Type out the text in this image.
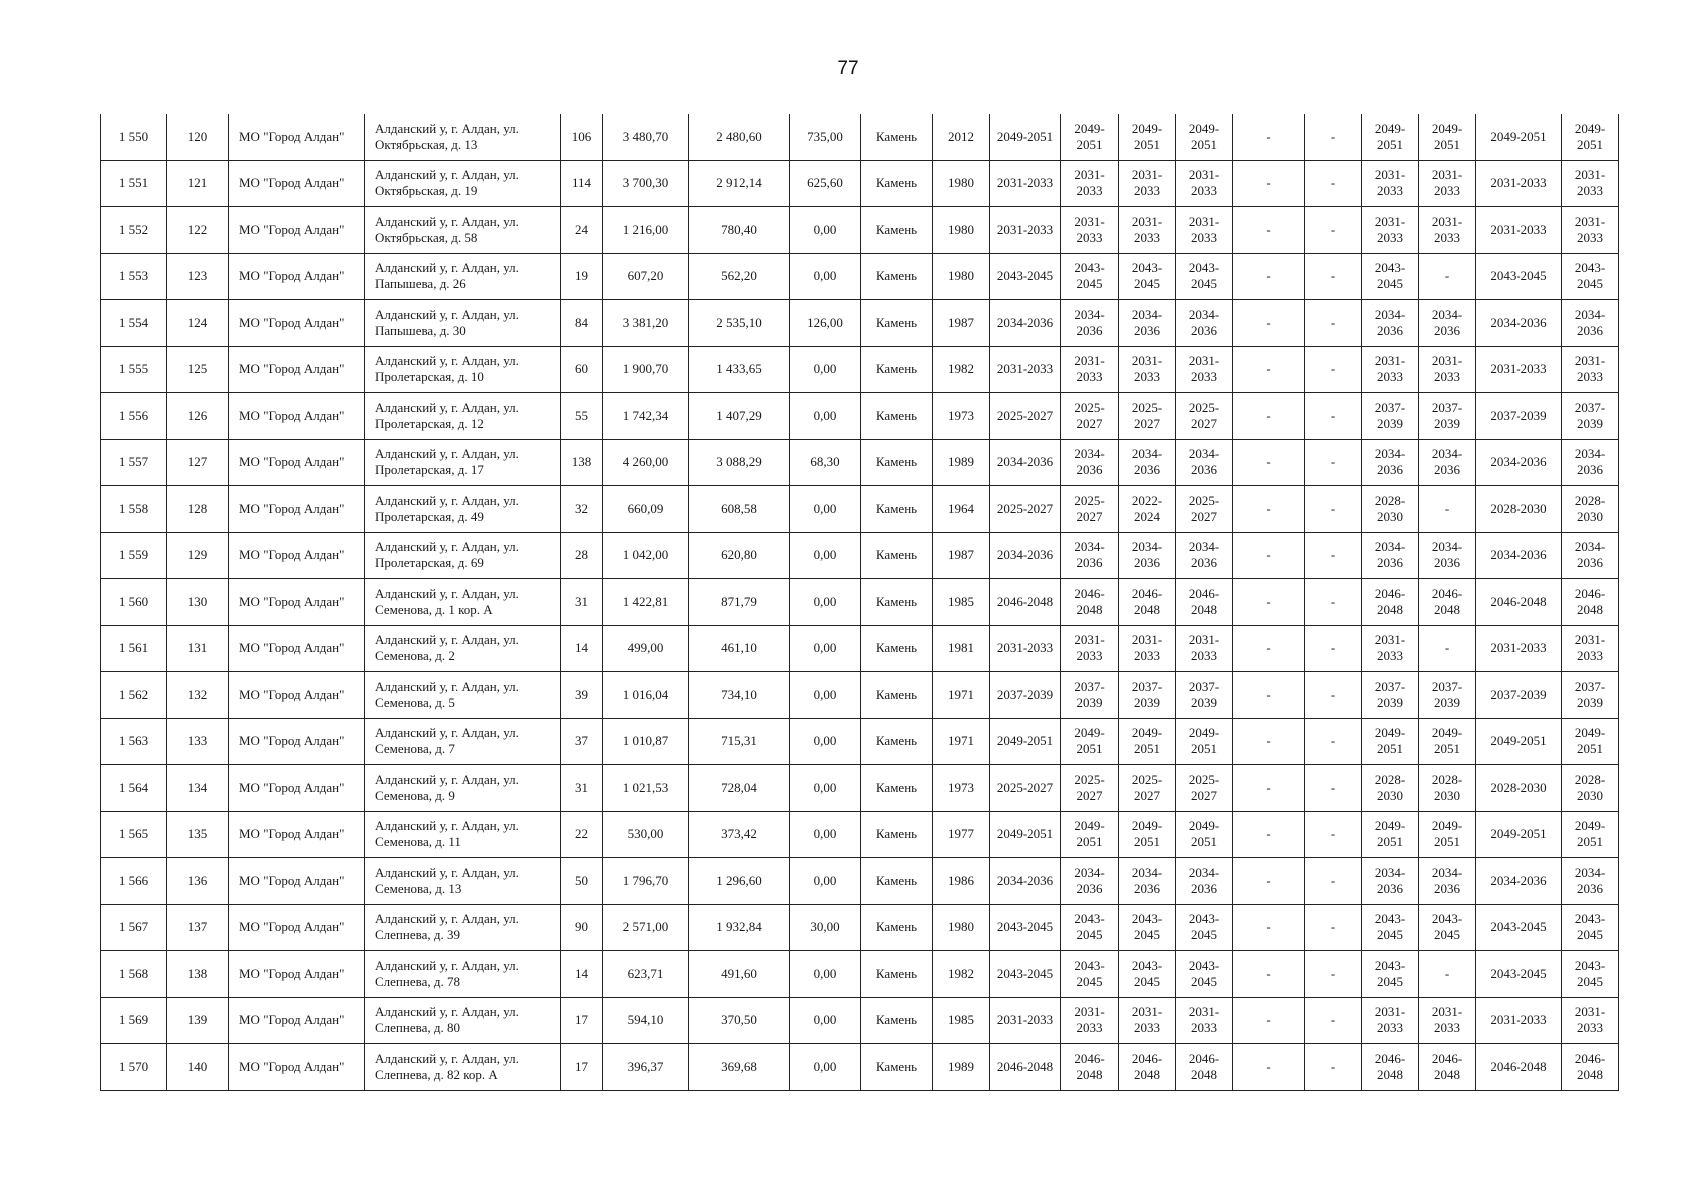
77
1 550	120	МО "Город Алдан"	Алданский у, г. Алдан, ул. Октябрьская, д. 13	106	3 480,70	2 480,60	735,00	Камень	2012	2049-2051	2049-2051	2049-2051	2049-2051	-	-	2049-2051	2049-2051	2049-2051	2049-2051
1 551	121	МО "Город Алдан"	Алданский у, г. Алдан, ул. Октябрьская, д. 19	114	3 700,30	2 912,14	625,60	Камень	1980	2031-2033	2031-2033	2031-2033	2031-2033	-	-	2031-2033	2031-2033	2031-2033	2031-2033
1 552	122	МО "Город Алдан"	Алданский у, г. Алдан, ул. Октябрьская, д. 58	24	1 216,00	780,40	0,00	Камень	1980	2031-2033	2031-2033	2031-2033	2031-2033	-	-	2031-2033	2031-2033	2031-2033	2031-2033
1 553	123	МО "Город Алдан"	Алданский у, г. Алдан, ул. Папышева, д. 26	19	607,20	562,20	0,00	Камень	1980	2043-2045	2043-2045	2043-2045	2043-2045	-	-	2043-2045	-	2043-2045	2043-2045
1 554	124	МО "Город Алдан"	Алданский у, г. Алдан, ул. Папышева, д. 30	84	3 381,20	2 535,10	126,00	Камень	1987	2034-2036	2034-2036	2034-2036	2034-2036	-	-	2034-2036	2034-2036	2034-2036	2034-2036
1 555	125	МО "Город Алдан"	Алданский у, г. Алдан, ул. Пролетарская, д. 10	60	1 900,70	1 433,65	0,00	Камень	1982	2031-2033	2031-2033	2031-2033	2031-2033	-	-	2031-2033	2031-2033	2031-2033	2031-2033
1 556	126	МО "Город Алдан"	Алданский у, г. Алдан, ул. Пролетарская, д. 12	55	1 742,34	1 407,29	0,00	Камень	1973	2025-2027	2025-2027	2025-2027	2025-2027	-	-	2037-2039	2037-2039	2037-2039	2037-2039
1 557	127	МО "Город Алдан"	Алданский у, г. Алдан, ул. Пролетарская, д. 17	138	4 260,00	3 088,29	68,30	Камень	1989	2034-2036	2034-2036	2034-2036	2034-2036	-	-	2034-2036	2034-2036	2034-2036	2034-2036
1 558	128	МО "Город Алдан"	Алданский у, г. Алдан, ул. Пролетарская, д. 49	32	660,09	608,58	0,00	Камень	1964	2025-2027	2025-2027	2022-2024	2025-2027	-	-	2028-2030	-	2028-2030	2028-2030
1 559	129	МО "Город Алдан"	Алданский у, г. Алдан, ул. Пролетарская, д. 69	28	1 042,00	620,80	0,00	Камень	1987	2034-2036	2034-2036	2034-2036	2034-2036	-	-	2034-2036	2034-2036	2034-2036	2034-2036
1 560	130	МО "Город Алдан"	Алданский у, г. Алдан, ул. Семенова, д. 1 кор. А	31	1 422,81	871,79	0,00	Камень	1985	2046-2048	2046-2048	2046-2048	2046-2048	-	-	2046-2048	2046-2048	2046-2048	2046-2048
1 561	131	МО "Город Алдан"	Алданский у, г. Алдан, ул. Семенова, д. 2	14	499,00	461,10	0,00	Камень	1981	2031-2033	2031-2033	2031-2033	2031-2033	-	-	2031-2033	-	2031-2033	2031-2033
1 562	132	МО "Город Алдан"	Алданский у, г. Алдан, ул. Семенова, д. 5	39	1 016,04	734,10	0,00	Камень	1971	2037-2039	2037-2039	2037-2039	2037-2039	-	-	2037-2039	2037-2039	2037-2039	2037-2039
1 563	133	МО "Город Алдан"	Алданский у, г. Алдан, ул. Семенова, д. 7	37	1 010,87	715,31	0,00	Камень	1971	2049-2051	2049-2051	2049-2051	2049-2051	-	-	2049-2051	2049-2051	2049-2051	2049-2051
1 564	134	МО "Город Алдан"	Алданский у, г. Алдан, ул. Семенова, д. 9	31	1 021,53	728,04	0,00	Камень	1973	2025-2027	2025-2027	2025-2027	2025-2027	-	-	2028-2030	2028-2030	2028-2030	2028-2030
1 565	135	МО "Город Алдан"	Алданский у, г. Алдан, ул. Семенова, д. 11	22	530,00	373,42	0,00	Камень	1977	2049-2051	2049-2051	2049-2051	2049-2051	-	-	2049-2051	2049-2051	2049-2051	2049-2051
1 566	136	МО "Город Алдан"	Алданский у, г. Алдан, ул. Семенова, д. 13	50	1 796,70	1 296,60	0,00	Камень	1986	2034-2036	2034-2036	2034-2036	2034-2036	-	-	2034-2036	2034-2036	2034-2036	2034-2036
1 567	137	МО "Город Алдан"	Алданский у, г. Алдан, ул. Слепнева, д. 39	90	2 571,00	1 932,84	30,00	Камень	1980	2043-2045	2043-2045	2043-2045	2043-2045	-	-	2043-2045	2043-2045	2043-2045	2043-2045
1 568	138	МО "Город Алдан"	Алданский у, г. Алдан, ул. Слепнева, д. 78	14	623,71	491,60	0,00	Камень	1982	2043-2045	2043-2045	2043-2045	2043-2045	-	-	2043-2045	-	2043-2045	2043-2045
1 569	139	МО "Город Алдан"	Алданский у, г. Алдан, ул. Слепнева, д. 80	17	594,10	370,50	0,00	Камень	1985	2031-2033	2031-2033	2031-2033	2031-2033	-	-	2031-2033	2031-2033	2031-2033	2031-2033
1 570	140	МО "Город Алдан"	Алданский у, г. Алдан, ул. Слепнева, д. 82 кор. А	17	396,37	369,68	0,00	Камень	1989	2046-2048	2046-2048	2046-2048	2046-2048	-	-	2046-2048	2046-2048	2046-2048	2046-2048
